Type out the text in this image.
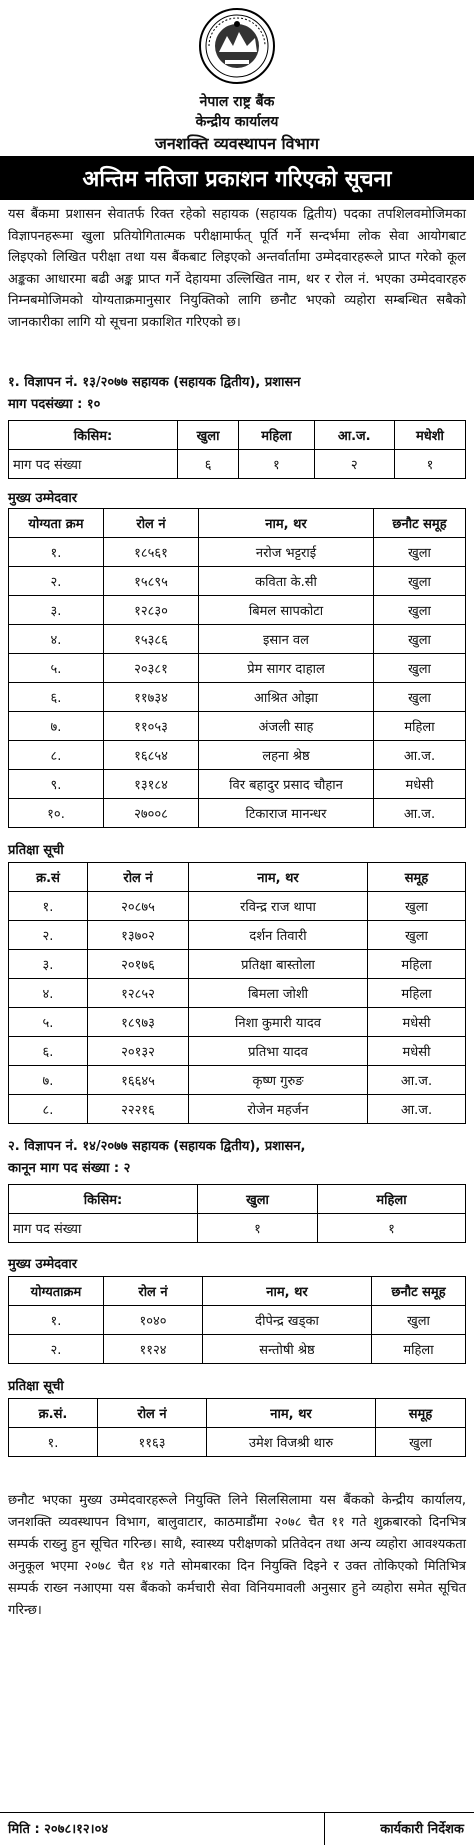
नेपाल राष्ट्र बैंक
केन्द्रीय कार्यालय
जनशक्ति व्यवस्थापन विभाग
अन्तिम नतिजा प्रकाशन गरिएको सूचना
यस बैंकमा प्रशासन सेवातर्फ रिक्त रहेको सहायक (सहायक द्वितीय) पदका तपशिलवमोजिमका विज्ञापनहरूमा खुला प्रतियोगितात्मक परीक्षामार्फत् पूर्ति गर्ने सन्दर्भमा लोक सेवा आयोगबाट लिइएको लिखित परीक्षा तथा यस बैंकबाट लिइएको अन्तर्वार्तामा उम्मेदवारहरूले प्राप्त गरेको कूल अङ्कका आधारमा बढी अङ्क प्राप्त गर्ने देहायमा उल्लिखित नाम, थर र रोल नं. भएका उम्मेदवारहरु निम्नबमोजिमको योग्यताक्रमानुसार नियुक्तिको लागि छनौट भएको व्यहोरा सम्बन्धित सबैको जानकारीका लागि यो सूचना प्रकाशित गरिएको छ।
१. विज्ञापन नं. १३/२०७७ सहायक (सहायक द्वितीय), प्रशासन
माग पदसंख्या : १०
किसिम:	खुला	महिला	आ.ज.	मधेशी
माग पद संख्या	६	१	२	१
मुख्य उम्मेदवार
योग्यता क्रम	रोल नं	नाम, थर	छनौट समूह
१.	१८५६१	नरोज भट्टराई	खुला
२.	१५८९५	कविता के.सी	खुला
३.	१२८३०	बिमल सापकोटा	खुला
४.	१५३८६	इसान वल	खुला
५.	२०३८१	प्रेम सागर दाहाल	खुला
६.	११७३४	आश्रित ओझा	खुला
७.	११०५३	अंजली साह	महिला
८.	१६८५४	लहना श्रेष्ठ	आ.ज.
९.	१३१८४	विर बहादुर प्रसाद चौहान	मधेसी
१०.	२७००८	टिकाराज मानन्धर	आ.ज.
प्रतिक्षा सूची
क्र.सं	रोल नं	नाम, थर	समूह
१.	२०८७५	रविन्द्र राज थापा	खुला
२.	१३७०२	दर्शन तिवारी	खुला
३.	२०१७६	प्रतिक्षा बास्तोला	महिला
४.	१२८५२	बिमला जोशी	महिला
५.	१८९७३	निशा कुमारी यादव	मधेसी
६.	२०१३२	प्रतिभा यादव	मधेसी
७.	१६६४५	कृष्ण गुरुङ	आ.ज.
८.	२२२१६	रोजेन महर्जन	आ.ज.
२. विज्ञापन नं. १४/२०७७ सहायक (सहायक द्वितीय), प्रशासन,
कानून माग पद संख्या : २
किसिम:	खुला	महिला
माग पद संख्या	१	१
मुख्य उम्मेदवार
योग्यताक्रम	रोल नं	नाम, थर	छनौट समूह
१.	१०४०	दीपेन्द्र खड्का	खुला
२.	११२४	सन्तोषी श्रेष्ठ	महिला
प्रतिक्षा सूची
क्र.सं.	रोल नं	नाम, थर	समूह
१.	११६३	उमेश विजश्री थारु	खुला
छनौट भएका मुख्य उम्मेदवारहरूले नियुक्ति लिने सिलसिलामा यस बैंकको केन्द्रीय कार्यालय, जनशक्ति व्यवस्थापन विभाग, बालुवाटार, काठमाडौंमा २०७८ चैत ११ गते शुक्रबारको दिनभित्र सम्पर्क राख्नु हुन सूचित गरिन्छ। साथै, स्वास्थ्य परीक्षणको प्रतिवेदन तथा अन्य व्यहोरा आवश्यकता अनुकूल भएमा २०७८ चैत १४ गते सोमबारका दिन नियुक्ति दिइने र उक्त तोकिएको मितिभित्र सम्पर्क राख्न नआएमा यस बैंकको कर्मचारी सेवा विनियमावली अनुसार हुने व्यहोरा समेत सूचित गरिन्छ।
मिति : २०७८।१२।०४	कार्यकारी निर्देशक
